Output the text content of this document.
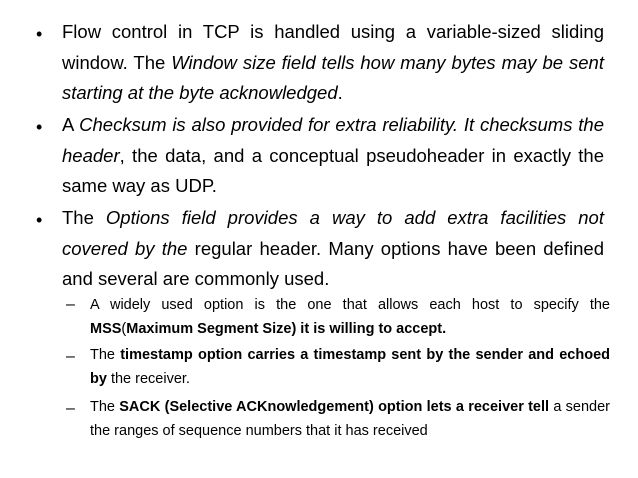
• Flow control in TCP is handled using a variable-sized sliding window. The Window size field tells how many bytes may be sent starting at the byte acknowledged.
• A Checksum is also provided for extra reliability. It checksums the header, the data, and a conceptual pseudoheader in exactly the same way as UDP.
• The Options field provides a way to add extra facilities not covered by the regular header. Many options have been defined and several are commonly used.
– A widely used option is the one that allows each host to specify the MSS(Maximum Segment Size) it is willing to accept.
– The timestamp option carries a timestamp sent by the sender and echoed by the receiver.
– The SACK (Selective ACKnowledgement) option lets a receiver tell a sender the ranges of sequence numbers that it has received
